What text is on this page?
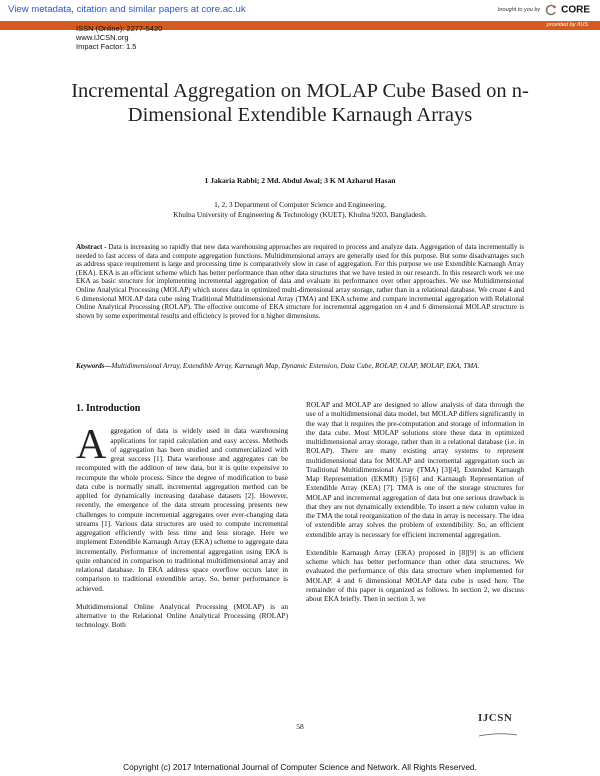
View metadata, citation and similar papers at core.ac.uk	brought to you by CORE
provided by IIUS
ISSN (Online): 2277-5420
www.IJCSN.org
Impact Factor: 1.5
Incremental Aggregation on MOLAP Cube Based on n-Dimensional Extendible Karnaugh Arrays
1 Jakaria Rabbi; 2 Md. Abdul Awal; 3 K M Azharul Hasan
1, 2, 3 Department of Computer Science and Engineering,
Khulna University of Engineering & Technology (KUET), Khulna 9203, Bangladesh.
Abstract - Data is increasing so rapidly that new data warehousing approaches are required to process and analyze data. Aggregation of data incrementally is needed to fast access of data and compute aggregation functions. Multidimensional arrays are generally used for this purpose. But some disadvantages such as address space requirement is large and processing time is comparatively slow in case of aggregation. For this purpose we use Extendible Karnaugh Array (EKA). EKA is an efficient scheme which has better performance than other data structures that we have tested in our research. In this research work we use EKA as basic structure for implementing incremental aggregation of data and evaluate its performance over other approaches. We use Multidimensional Online Analytical Processing (MOLAP) which stores data in optimized multi-dimensional array storage, rather than in a relational database. We create 4 and 6 dimensional MOLAP data cube using Traditional Multidimensional Array (TMA) and EKA scheme and compare incremental aggregation with Relational Online Analytical Processing (ROLAP). The effective outcome of EKA structure for incremental aggregation on 4 and 6 dimensional MOLAP structure is shown by some experimental results and efficiency is proved for n higher dimensions.
Keywords—Multidimensional Array, Extendible Array, Karnaugh Map, Dynamic Extension, Data Cube, ROLAP, OLAP, MOLAP, EKA, TMA.
1. Introduction
Aggregation of data is widely used in data warehousing applications for rapid calculation and easy access. Methods of aggregation has been studied and commercialized with great success [1]. Data warehouse and aggregates can be recomputed with the addition of new data, but it is quite expensive to recompute the whole process. Since the degree of modification to base data cube is normally small, incremental aggregation method can be applied for dynamically increasing database datasets [2]. However, recently, the emergence of the data stream processing presents new challenges to compute incremental aggregates over ever-changing data streams [1]. Various data structures are used to compute incremental aggregation efficiently with less time and less storage. Here we implement Extendible Karnaugh Array (EKA) scheme to aggregate data incrementally. Performance of incremental aggregation using EKA is quite enhanced in comparison to traditional multidimensional array and relational database. In EKA address space overflow occurs later in comparison to traditional extendible array. So, better performance is achieved.
Multidimensional Online Analytical Processing (MOLAP) is an alternative to the Relational Online Analytical Processing (ROLAP) technology. Both
ROLAP and MOLAP are designed to allow analysis of data through the use of a multidimensional data model, but MOLAP differs significantly in the way that it requires the pre-computation and storage of information in the data cube. Most MOLAP solutions store these data in optimized multidimensional array storage, rather than in a relational database (i.e. in ROLAP). There are many existing array systems to represent multidimensional data for MOLAP and incremental aggregation such as Traditional Multidimensional Array (TMA) [3][4], Extended Karnaugh Map Representation (EKMR) [5][6] and Karnaugh Representation of Extendible Array (KEA) [7]. TMA is one of the storage structures for MOLAP and incremental aggregation of data but one serious drawback is that they are not dynamically extendible. To insert a new column value in the TMA the total reorganization of the data in array is necessary. The idea of extendible array solves the problem of extendibility. So, an efficient extendible array is necessary for efficient incremental aggregation.
Extendible Karnaugh Array (EKA) proposed in [8][9] is an efficient scheme which has better performance than other data structures. We evaluated the performance of this data structure when implemented for MOLAP. 4 and 6 dimensional MOLAP data cube is used here. The remainder of this paper is organized as follows. In section 2, we discuss about EKA briefly. Then in section 3, we
58
IJCSN
Copyright (c) 2017 International Journal of Computer Science and Network. All Rights Reserved.
